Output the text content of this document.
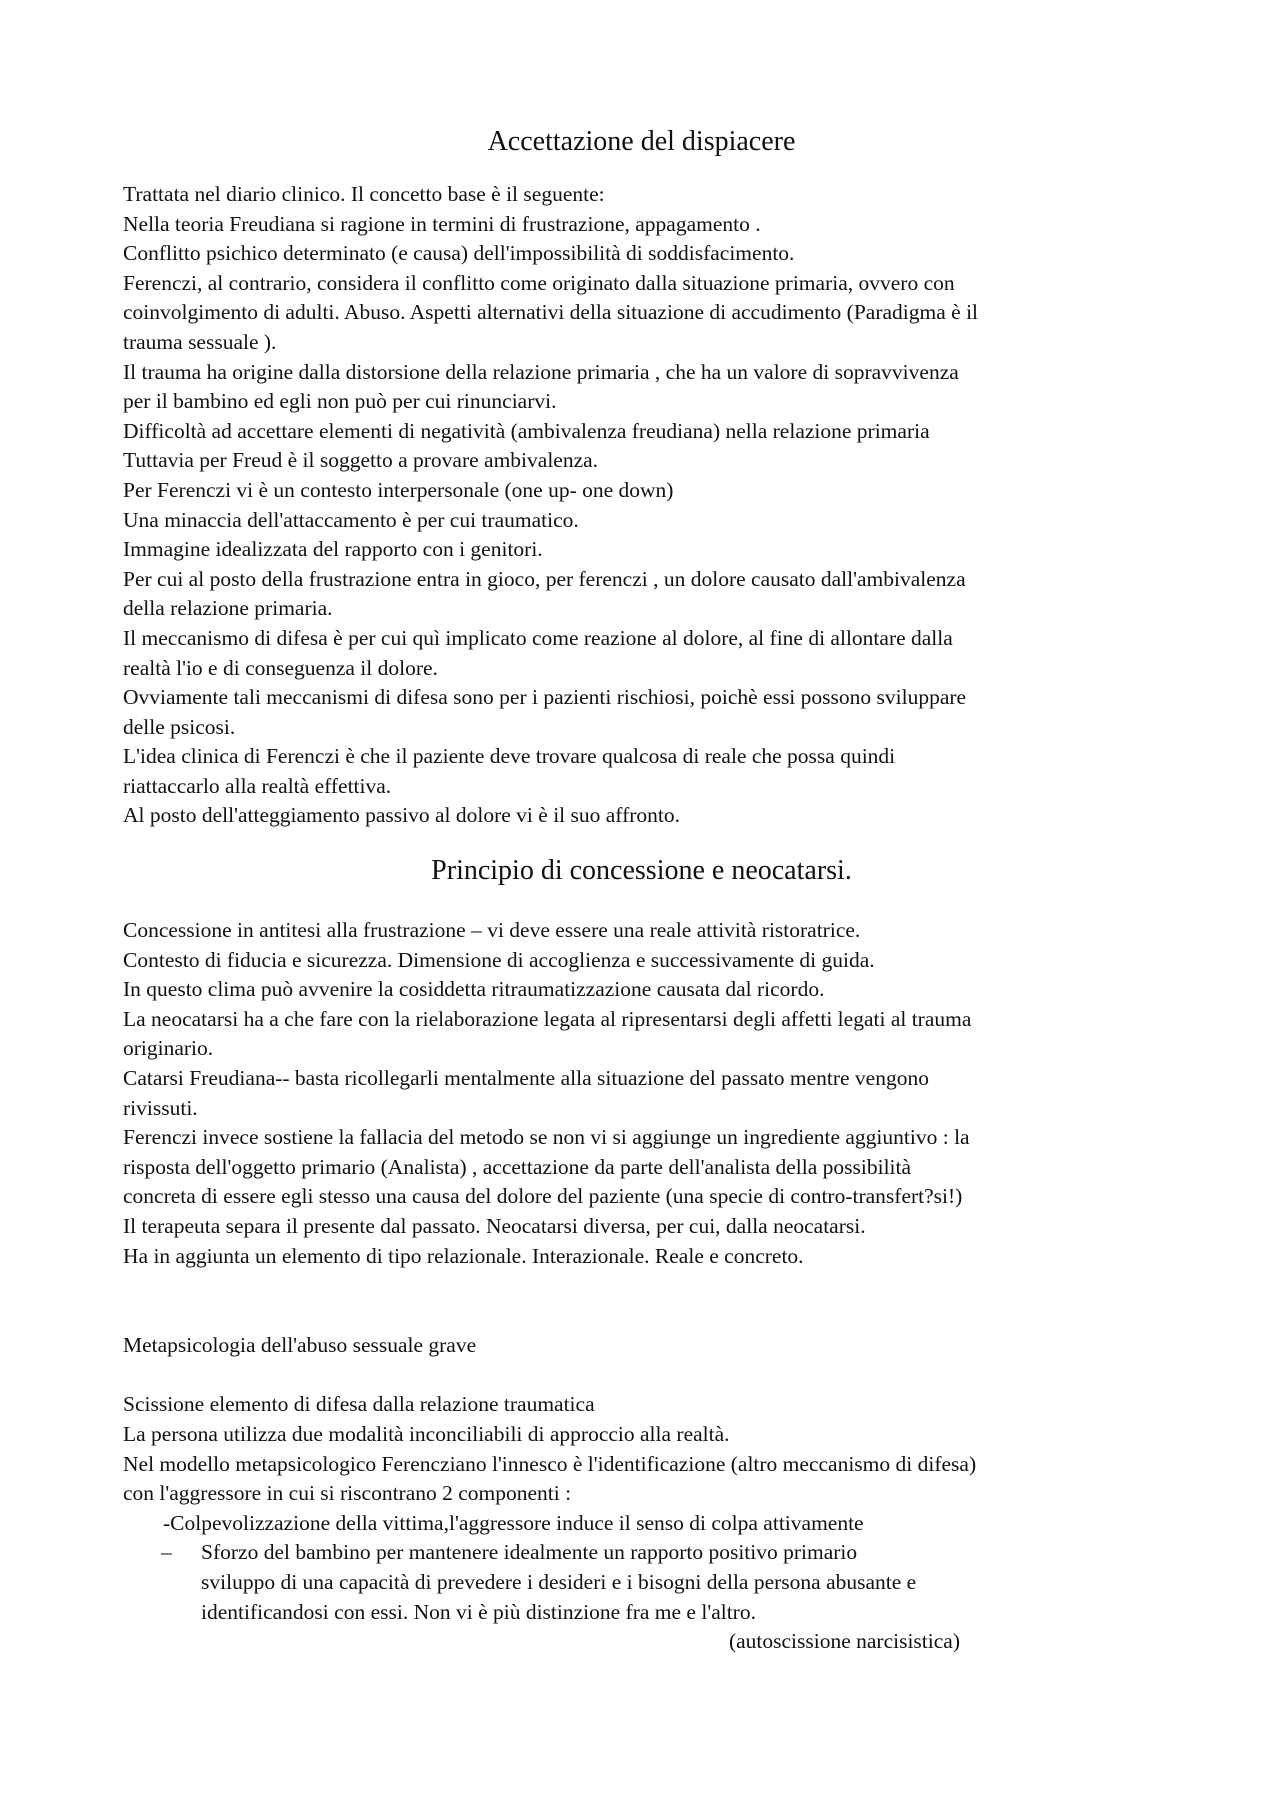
Accettazione del dispiacere
Trattata nel diario clinico. Il concetto base è il seguente:
Nella teoria Freudiana si ragione in termini di frustrazione, appagamento .
Conflitto psichico determinato (e causa) dell'impossibilità di soddisfacimento.
Ferenczi, al contrario, considera il conflitto come originato dalla situazione primaria, ovvero con
coinvolgimento di adulti. Abuso. Aspetti alternativi della situazione di accudimento (Paradigma è il
trauma sessuale ).
Il trauma ha origine dalla distorsione della relazione primaria , che ha un valore di sopravvivenza
per il bambino ed egli non può per cui rinunciarvi.
Difficoltà ad accettare elementi di negatività (ambivalenza freudiana) nella relazione primaria
Tuttavia per Freud è il soggetto a provare ambivalenza.
Per Ferenczi vi è un contesto interpersonale (one up- one down)
Una minaccia dell'attaccamento è per cui traumatico.
Immagine idealizzata del rapporto con i genitori.
Per cui al posto della frustrazione entra in gioco, per ferenczi , un dolore causato dall'ambivalenza
della relazione primaria.
Il meccanismo di difesa è per cui quì implicato come reazione al dolore, al fine di allontare dalla
realtà l'io e di conseguenza il dolore.
Ovviamente tali meccanismi di difesa sono per i pazienti rischiosi, poichè essi possono sviluppare
delle psicosi.
L'idea clinica di Ferenczi è che il paziente deve trovare qualcosa di reale che possa quindi
riattaccarlo alla realtà effettiva.
Al posto dell'atteggiamento passivo al dolore vi è il suo affronto.
Principio di concessione e neocatarsi.
Concessione in antitesi alla frustrazione – vi deve essere una reale attività ristoratrice.
Contesto di fiducia e sicurezza. Dimensione di accoglienza e successivamente di guida.
In questo clima può avvenire la cosiddetta ritraumatizzazione causata dal ricordo.
La neocatarsi ha a che fare con la rielaborazione legata al ripresentarsi degli affetti legati al trauma
originario.
Catarsi Freudiana-- basta ricollegarli mentalmente alla situazione del passato mentre vengono
rivissuti.
Ferenczi invece sostiene la fallacia del metodo se non vi si aggiunge un ingrediente aggiuntivo : la
risposta dell'oggetto primario (Analista) , accettazione da parte dell'analista della possibilità
concreta di essere egli stesso una causa del dolore del paziente (una specie di contro-transfert?si!)
Il terapeuta separa il presente dal passato. Neocatarsi diversa, per cui, dalla neocatarsi.
Ha in aggiunta un elemento di tipo relazionale. Interazionale. Reale e concreto.
Metapsicologia dell'abuso sessuale grave
Scissione elemento di difesa dalla relazione traumatica
La persona utilizza due modalità inconciliabili di approccio alla realtà.
Nel modello metapsicologico Ferencziano l'innesco è l'identificazione (altro meccanismo di difesa)
con l'aggressore in cui si riscontrano 2 componenti :
-Colpevolizzazione della vittima,l'aggressore induce il senso di colpa attivamente
– Sforzo del bambino per mantenere idealmente un rapporto positivo primario
sviluppo di una capacità di prevedere i desideri e i bisogni della persona abusante e
identificandosi con essi. Non vi è più distinzione fra me e l'altro.
(autoscissione narcisistica)
